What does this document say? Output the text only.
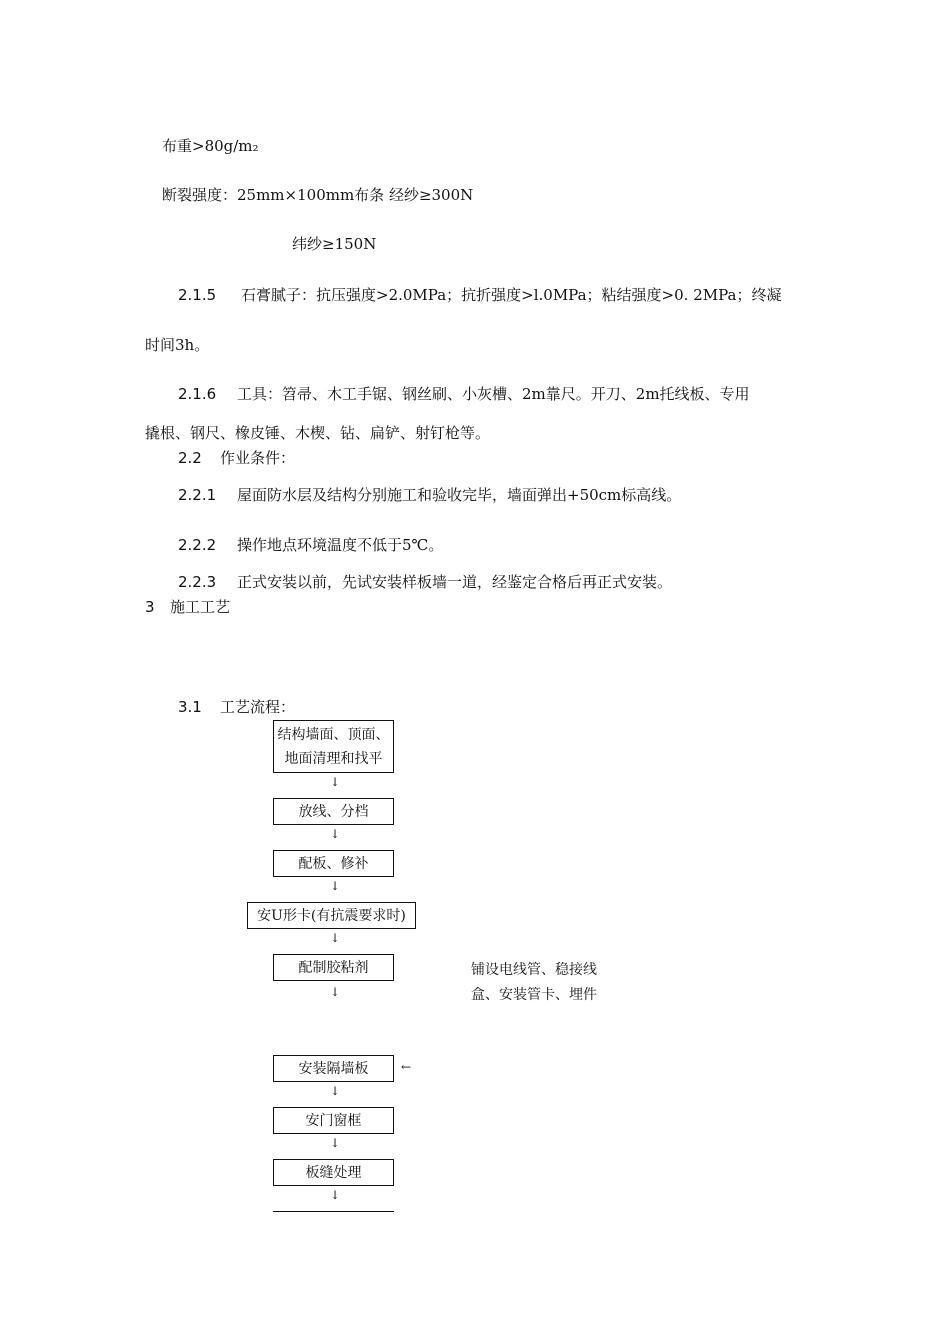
布重>80g/m₂
断裂强度：25mm×100mm布条 经纱≥300N
纬纱≥150N
2.1.5 石膏腻子：抗压强度>2.0MPa；抗折强度>l.0MPa；粘结强度>0. 2MPa；终凝
时间3h。
2.1.6 工具：笤帚、木工手锯、钢丝刷、小灰槽、2m靠尺。开刀、2m托线板、专用
撬根、钢尺、橡皮锤、木楔、钻、扁铲、射钉枪等。
2.2 作业条件：
2.2.1 屋面防水层及结构分别施工和验收完毕，墙面弹出+50cm标高线。
2.2.2 操作地点环境温度不低于5℃。
2.2.3 正式安装以前，先试安装样板墙一道，经鉴定合格后再正式安装。
3 施工工艺
3.1 工艺流程：
结构墙面、顶面、
地面清理和找平
↓
放线、分档
↓
配板、修补
↓
安U形卡(有抗震要求时)
↓
配制胶粘剂
↓
铺设电线管、稳接线
盒、安装管卡、埋件
安装隔墙板	←
↓
安门窗框
↓
板缝处理
↓
